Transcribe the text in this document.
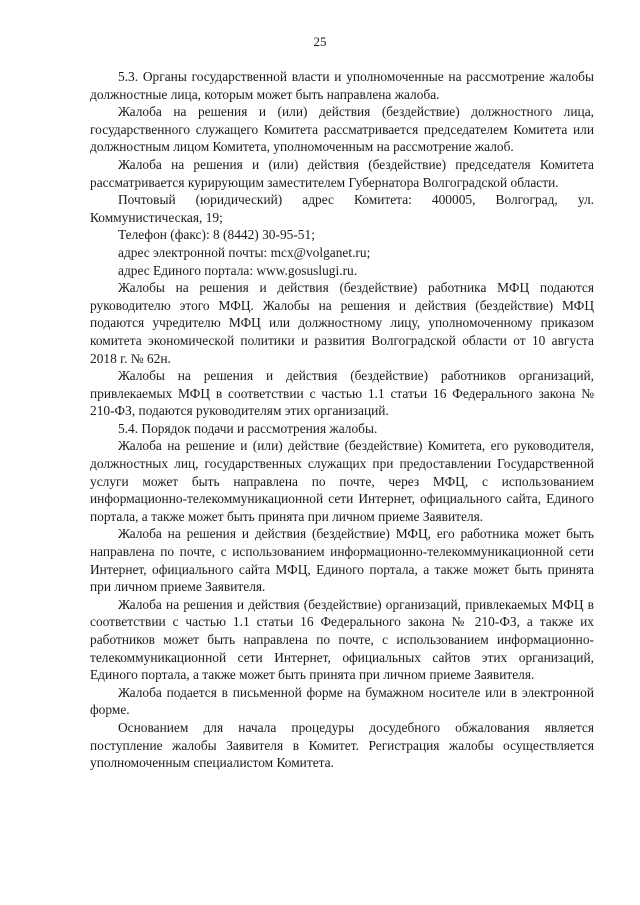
25

5.3. Органы государственной власти и уполномоченные на рассмотрение жалобы должностные лица, которым может быть направлена жалоба.

Жалоба на решения и (или) действия (бездействие) должностного лица, государственного служащего Комитета рассматривается председателем Комитета или должностным лицом Комитета, уполномоченным на рассмотрение жалоб.

Жалоба на решения и (или) действия (бездействие) председателя Комитета рассматривается курирующим заместителем Губернатора Волгоградской области.

Почтовый (юридический) адрес Комитета: 400005, Волгоград, ул. Коммунистическая, 19;

Телефон (факс): 8 (8442) 30-95-51;

адрес электронной почты: mcx@volganet.ru;

адрес Единого портала: www.gosuslugi.ru.

Жалобы на решения и действия (бездействие) работника МФЦ подаются руководителю этого МФЦ. Жалобы на решения и действия (бездействие) МФЦ подаются учредителю МФЦ или должностному лицу, уполномоченному приказом комитета экономической политики и развития Волгоградской области от 10 августа 2018 г. № 62н.

Жалобы на решения и действия (бездействие) работников организаций, привлекаемых МФЦ в соответствии с частью 1.1 статьи 16 Федерального закона № 210-ФЗ, подаются руководителям этих организаций.

5.4. Порядок подачи и рассмотрения жалобы.

Жалоба на решение и (или) действие (бездействие) Комитета, его руководителя, должностных лиц, государственных служащих при предоставлении Государственной услуги может быть направлена по почте, через МФЦ, с использованием информационно-телекоммуникационной сети Интернет, официального сайта, Единого портала, а также может быть принята при личном приеме Заявителя.

Жалоба на решения и действия (бездействие) МФЦ, его работника может быть направлена по почте, с использованием информационно-телекоммуникационной сети Интернет, официального сайта МФЦ, Единого портала, а также может быть принята при личном приеме Заявителя.

Жалоба на решения и действия (бездействие) организаций, привлекаемых МФЦ в соответствии с частью 1.1 статьи 16 Федерального закона № 210-ФЗ, а также их работников может быть направлена по почте, с использованием информационно-телекоммуникационной сети Интернет, официальных сайтов этих организаций, Единого портала, а также может быть принята при личном приеме Заявителя.

Жалоба подается в письменной форме на бумажном носителе или в электронной форме.

Основанием для начала процедуры досудебного обжалования является поступление жалобы Заявителя в Комитет. Регистрация жалобы осуществляется уполномоченным специалистом Комитета.
